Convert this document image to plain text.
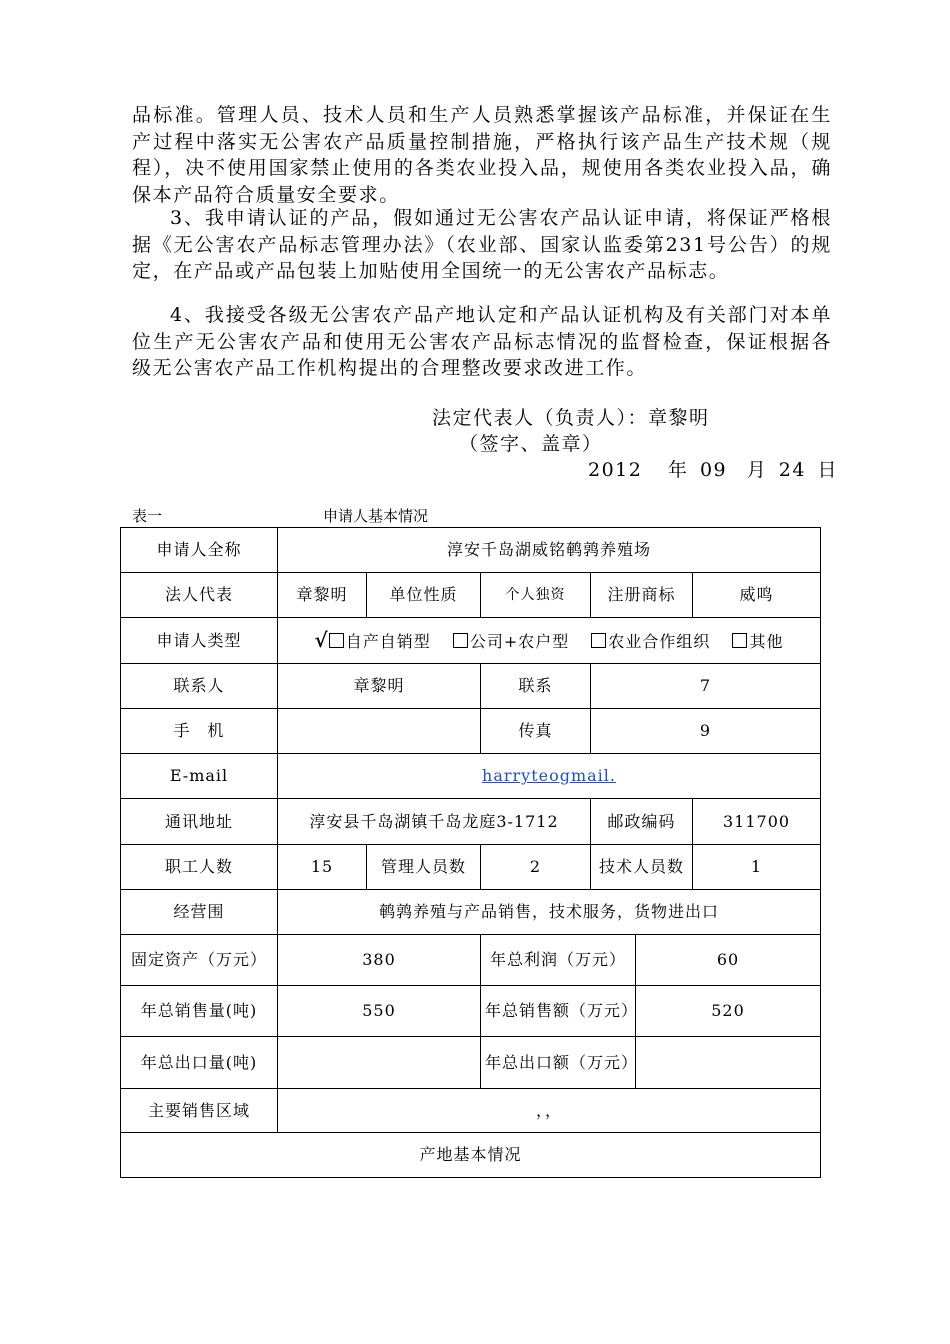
品标准。管理人员、技术人员和生产人员熟悉掌握该产品标准，并保证在生产过程中落实无公害农产品质量控制措施，严格执行该产品生产技术规（规程），决不使用国家禁止使用的各类农业投入品，规使用各类农业投入品，确保本产品符合质量安全要求。

3、我申请认证的产品，假如通过无公害农产品认证申请，将保证严格根据《无公害农产品标志管理办法》（农业部、国家认监委第231号公告）的规定，在产品或产品包装上加贴使用全国统一的无公害农产品标志。

4、我接受各级无公害农产品产地认定和产品认证机构及有关部门对本单位生产无公害农产品和使用无公害农产品标志情况的监督检查，保证根据各级无公害农产品工作机构提出的合理整改要求改进工作。

法定代表人（负责人）：章黎明
（签字、盖章）
2012 年 09 月 24 日
表一	申请人基本情况
申请人全称	淳安千岛湖威铭鹌鹑养殖场					
法人代表	章黎明	单位性质	个人独资	注册商标		威鸣
申请人类型	√ 自产自销型 公司+农户型 农业合作组织 其他					
联系人	章黎明		联系	7		
手　机			传真	9		
E-mail	harryteogmail.					
通讯地址	淳安县千岛湖镇千岛龙庭3-1712			邮政编码		311700
职工人数	15	管理人员数	2	技术人员数		1
经营围	鹌鹑养殖与产品销售，技术服务，货物进出口					
固定资产（万元）	380		年总利润（万元）		60	
年总销售量(吨)	550		年总销售额（万元）		520	
年总出口量(吨)			年总出口额（万元）			
主要销售区域	，，					
产地基本情况						
